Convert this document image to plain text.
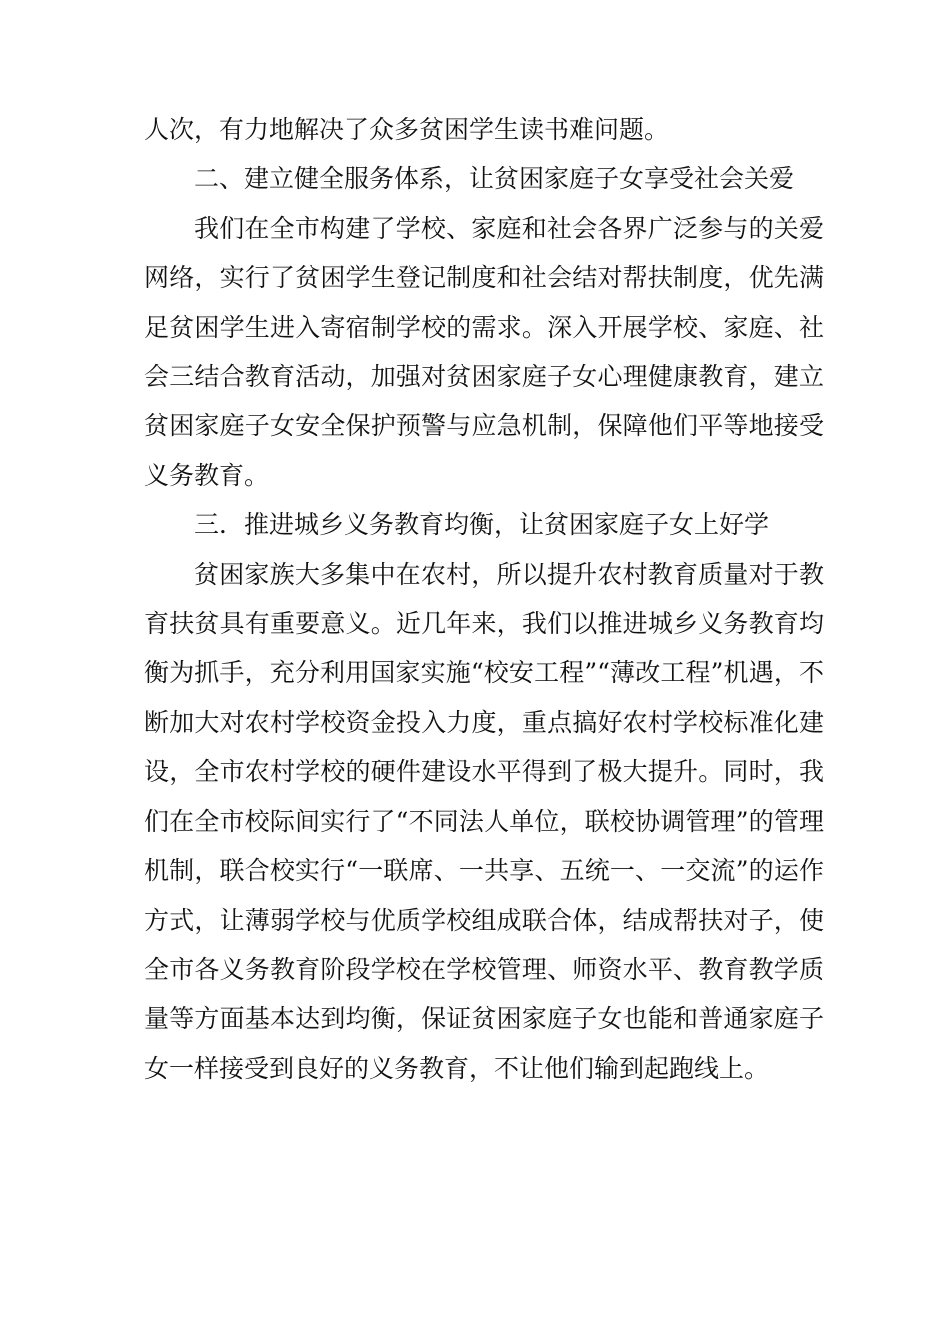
人次，有力地解决了众多贫困学生读书难问题。

二、建立健全服务体系，让贫困家庭子女享受社会关爱

我们在全市构建了学校、家庭和社会各界广泛参与的关爱网络，实行了贫困学生登记制度和社会结对帮扶制度，优先满足贫困学生进入寄宿制学校的需求。深入开展学校、家庭、社会三结合教育活动，加强对贫困家庭子女心理健康教育，建立贫困家庭子女安全保护预警与应急机制，保障他们平等地接受义务教育。

三．推进城乡义务教育均衡，让贫困家庭子女上好学

贫困家族大多集中在农村，所以提升农村教育质量对于教育扶贫具有重要意义。近几年来，我们以推进城乡义务教育均衡为抓手，充分利用国家实施“校安工程”“薄改工程”机遇，不断加大对农村学校资金投入力度，重点搞好农村学校标准化建设，全市农村学校的硬件建设水平得到了极大提升。同时，我们在全市校际间实行了“不同法人单位，联校协调管理”的管理机制，联合校实行“一联席、一共享、五统一、一交流”的运作方式，让薄弱学校与优质学校组成联合体，结成帮扶对子，使全市各义务教育阶段学校在学校管理、师资水平、教育教学质量等方面基本达到均衡，保证贫困家庭子女也能和普通家庭子女一样接受到良好的义务教育，不让他们输到起跑线上。
